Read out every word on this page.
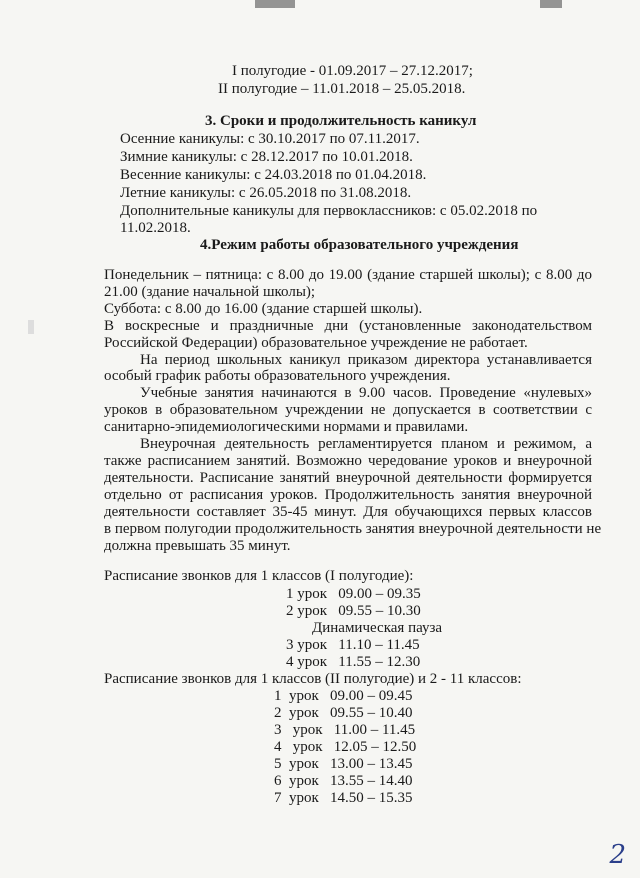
I полугодие - 01.09.2017 – 27.12.2017;
II полугодие – 11.01.2018 – 25.05.2018.
3. Сроки и продолжительность каникул
Осенние каникулы: с 30.10.2017 по 07.11.2017.
Зимние каникулы: с 28.12.2017 по 10.01.2018.
Весенние каникулы: с 24.03.2018 по 01.04.2018.
Летние каникулы: с 26.05.2018 по 31.08.2018.
Дополнительные каникулы для первоклассников: с 05.02.2018 по
11.02.2018.
4.Режим работы образовательного учреждения
Понедельник – пятница: с 8.00 до 19.00 (здание старшей школы); с 8.00 до
21.00 (здание начальной школы);
Суббота: с 8.00 до 16.00 (здание старшей школы).
В воскресные и праздничные дни (установленные законодательством
Российской Федерации) образовательное учреждение не работает.
На период школьных каникул приказом директора устанавливается
особый график работы образовательного учреждения.
Учебные занятия начинаются в 9.00 часов. Проведение «нулевых»
уроков в образовательном учреждении не допускается в соответствии с
санитарно-эпидемиологическими нормами и правилами.
Внеурочная деятельность регламентируется планом и режимом, а
также расписанием занятий. Возможно чередование уроков и внеурочной
деятельности. Расписание занятий внеурочной деятельности формируется
отдельно от расписания уроков. Продолжительность занятия внеурочной
деятельности составляет 35-45 минут. Для обучающихся первых классов
в первом полугодии продолжительность занятия внеурочной деятельности не
должна превышать 35 минут.
Расписание звонков для 1 классов (I полугодие):
1 урок   09.00 – 09.35
2 урок   09.55 – 10.30
Динамическая пауза
3 урок   11.10 – 11.45
4 урок   11.55 – 12.30
Расписание звонков для 1 классов (II полугодие) и 2 - 11 классов:
1  урок   09.00 – 09.45
2  урок   09.55 – 10.40
3   урок   11.00 – 11.45
4   урок   12.05 – 12.50
5  урок   13.00 – 13.45
6  урок   13.55 – 14.40
7  урок   14.50 – 15.35
2
